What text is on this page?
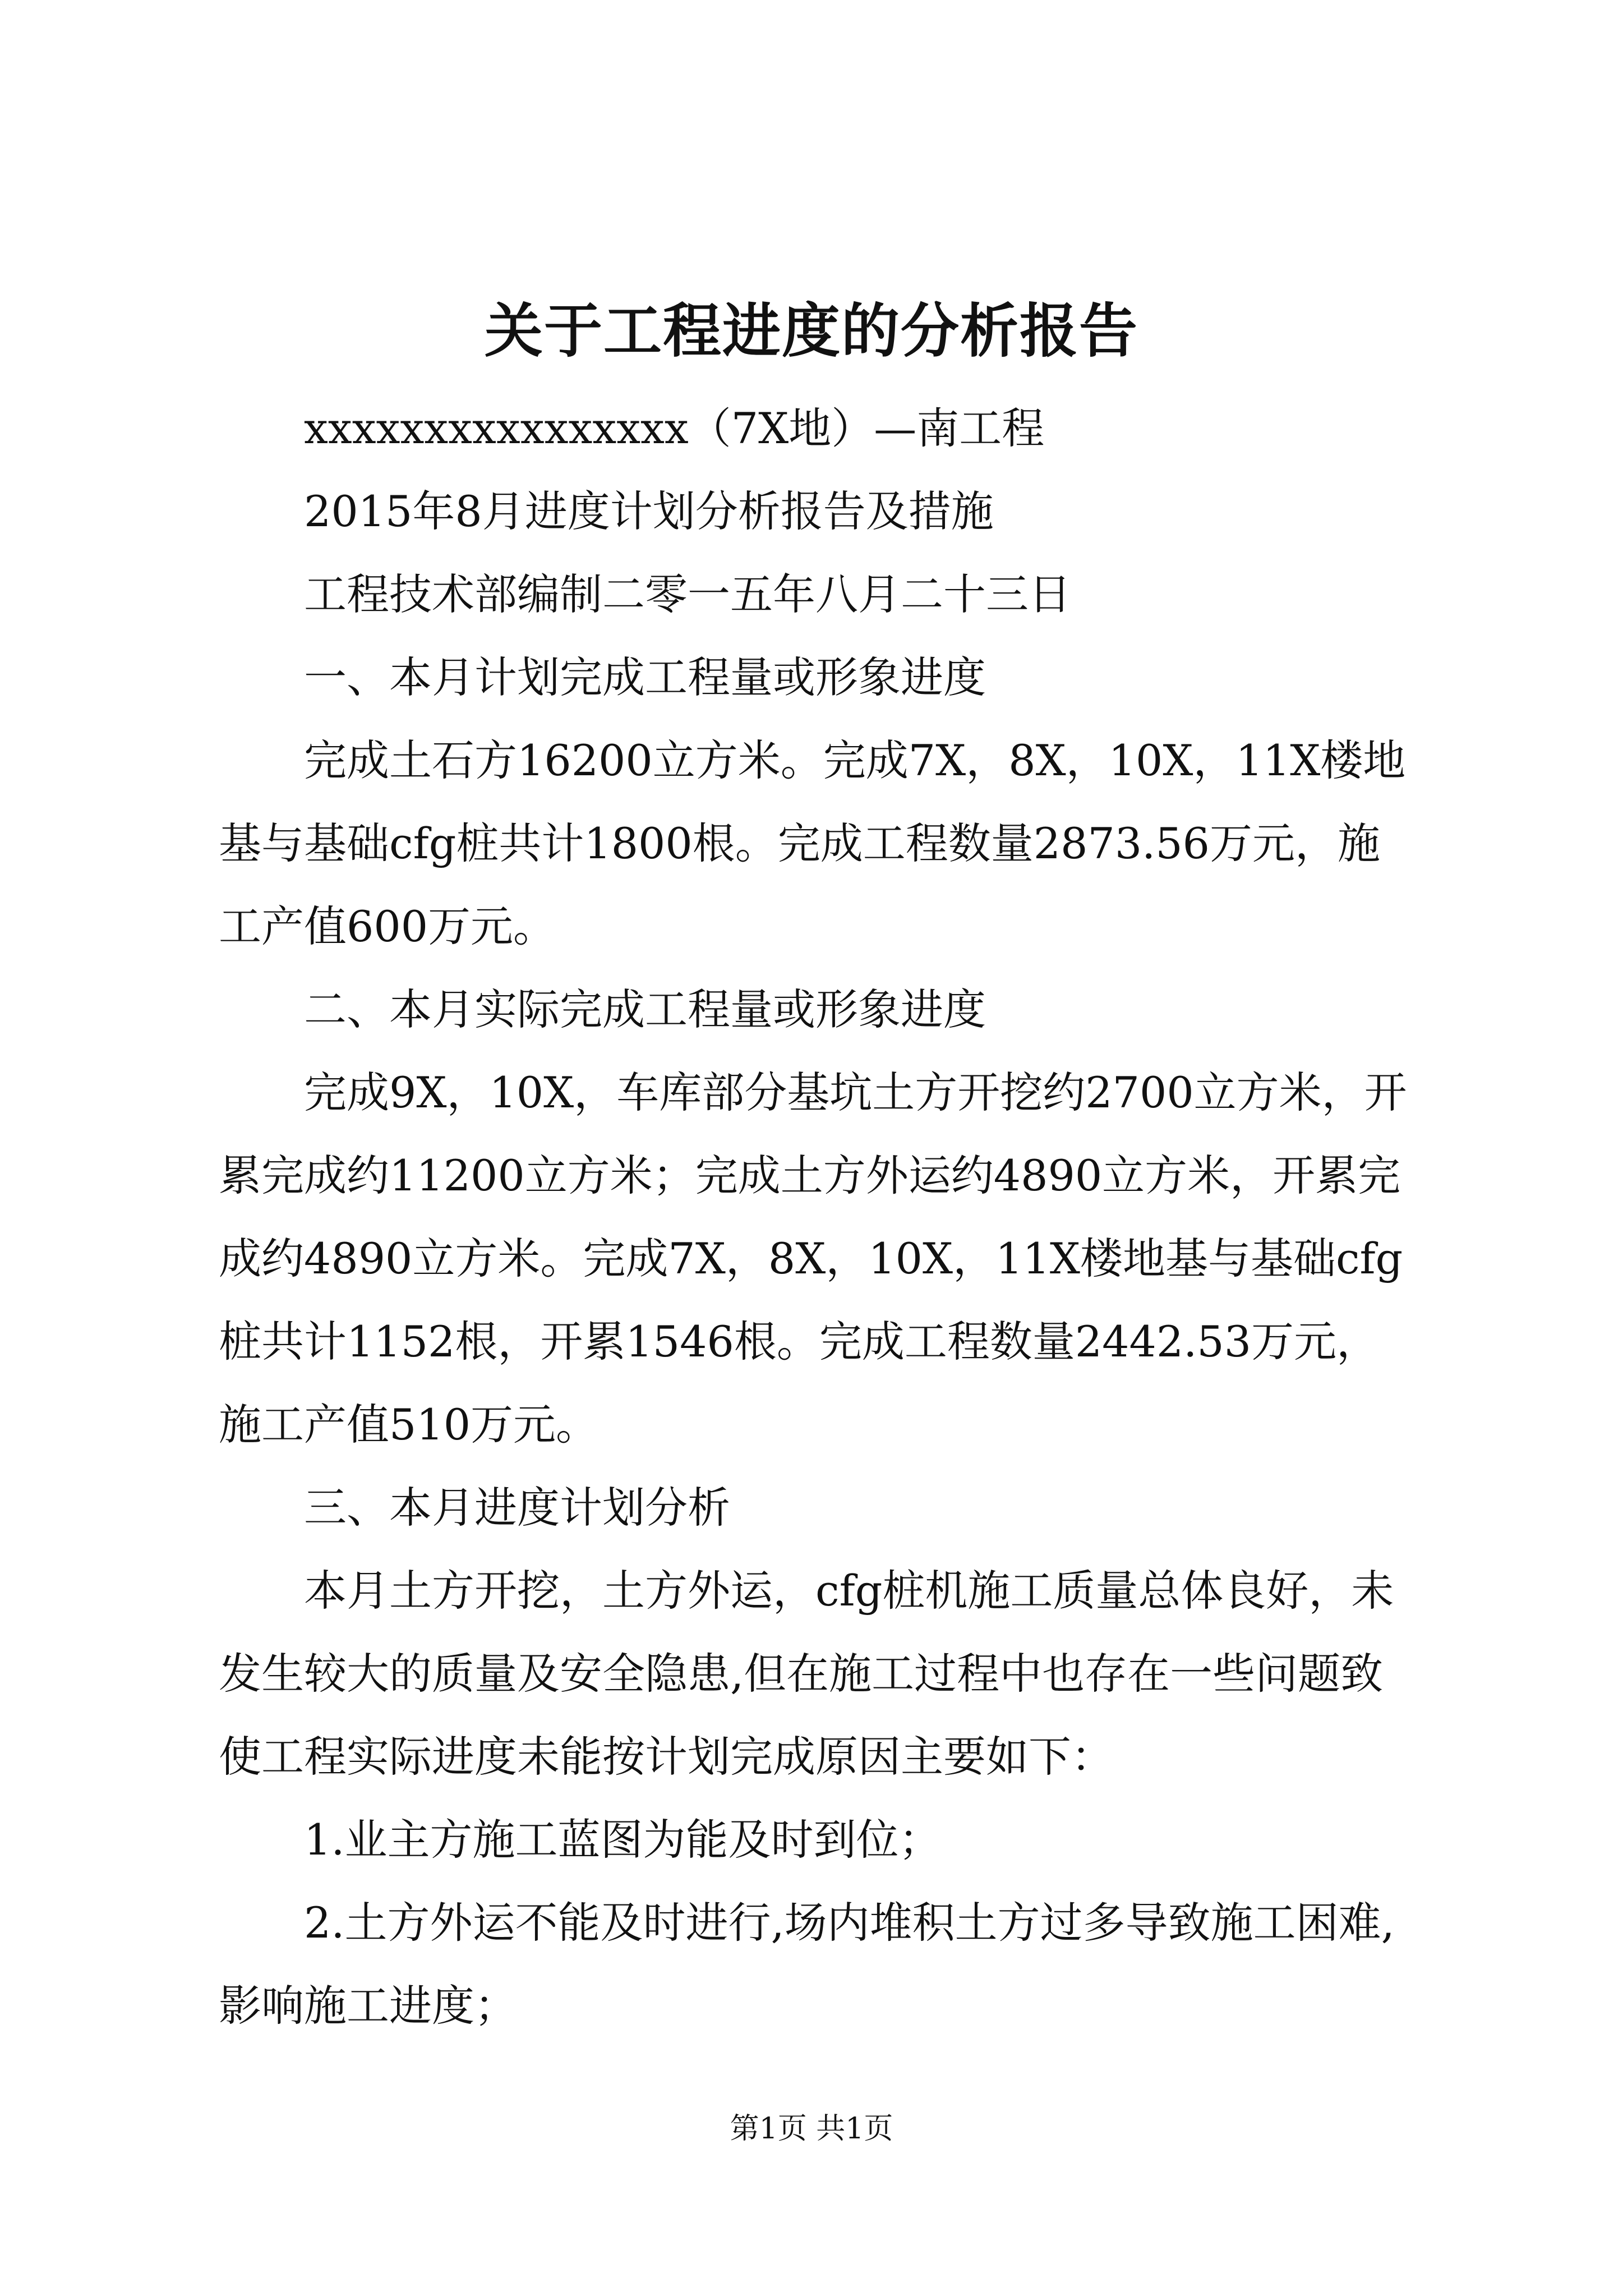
关于工程进度的分析报告

xxxxxxxxxxxxxxxx（7X地）—南工程

2015年8月进度计划分析报告及措施

工程技术部编制二零一五年八月二十三日

一、本月计划完成工程量或形象进度

完成土石方16200立方米。完成7X，8X，10X，11X楼地基与基础cfg桩共计1800根。完成工程数量2873.56万元，施工产值600万元。

二、本月实际完成工程量或形象进度

完成9X，10X，车库部分基坑土方开挖约2700立方米，开累完成约11200立方米；完成土方外运约4890立方米，开累完成约4890立方米。完成7X，8X，10X，11X楼地基与基础cfg桩共计1152根，开累1546根。完成工程数量2442.53万元，施工产值510万元。

三、本月进度计划分析

本月土方开挖，土方外运，cfg桩机施工质量总体良好，未发生较大的质量及安全隐患,但在施工过程中也存在一些问题致使工程实际进度未能按计划完成原因主要如下：

1.业主方施工蓝图为能及时到位；

2.土方外运不能及时进行,场内堆积土方过多导致施工困难,影响施工进度；

第1页 共1页
